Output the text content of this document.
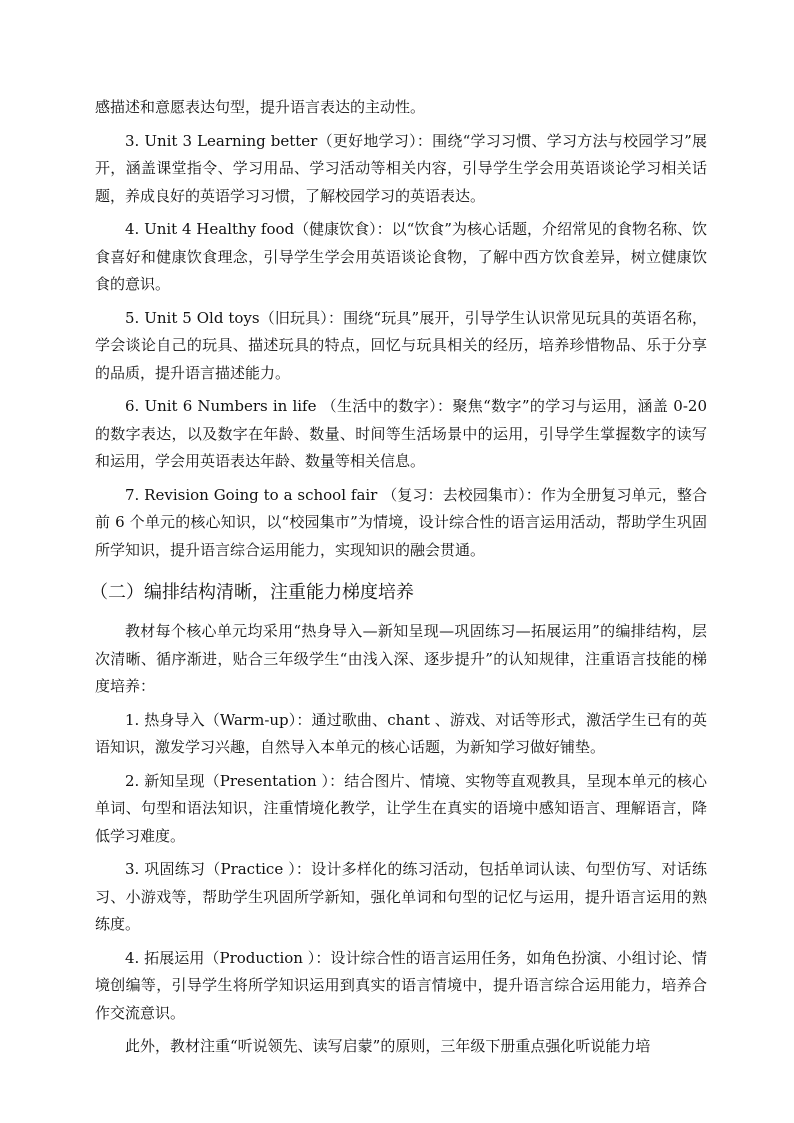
感描述和意愿表达句型，提升语言表达的主动性。

3. Unit 3 Learning better（更好地学习）：围绕“学习习惯、学习方法与校园学习”展开，涵盖课堂指令、学习用品、学习活动等相关内容，引导学生学会用英语谈论学习相关话题，养成良好的英语学习习惯，了解校园学习的英语表达。

4. Unit 4 Healthy food（健康饮食）：以“饮食”为核心话题，介绍常见的食物名称、饮食喜好和健康饮食理念，引导学生学会用英语谈论食物，了解中西方饮食差异，树立健康饮食的意识。

5. Unit 5 Old toys（旧玩具）：围绕“玩具”展开，引导学生认识常见玩具的英语名称，学会谈论自己的玩具、描述玩具的特点，回忆与玩具相关的经历，培养珍惜物品、乐于分享的品质，提升语言描述能力。

6. Unit 6 Numbers in life （生活中的数字）：聚焦“数字”的学习与运用，涵盖 0-20 的数字表达，以及数字在年龄、数量、时间等生活场景中的运用，引导学生掌握数字的读写和运用，学会用英语表达年龄、数量等相关信息。

7. Revision Going to a school fair （复习：去校园集市）：作为全册复习单元，整合前 6 个单元的核心知识，以“校园集市”为情境，设计综合性的语言运用活动，帮助学生巩固所学知识，提升语言综合运用能力，实现知识的融会贯通。

（二）编排结构清晰，注重能力梯度培养

教材每个核心单元均采用“热身导入—新知呈现—巩固练习—拓展运用”的编排结构，层次清晰、循序渐进，贴合三年级学生“由浅入深、逐步提升”的认知规律，注重语言技能的梯度培养：

1. 热身导入（Warm-up）：通过歌曲、chant 、游戏、对话等形式，激活学生已有的英语知识，激发学习兴趣，自然导入本单元的核心话题，为新知学习做好铺垫。

2. 新知呈现（Presentation ）：结合图片、情境、实物等直观教具，呈现本单元的核心单词、句型和语法知识，注重情境化教学，让学生在真实的语境中感知语言、理解语言，降低学习难度。

3. 巩固练习（Practice ）：设计多样化的练习活动，包括单词认读、句型仿写、对话练习、小游戏等，帮助学生巩固所学新知，强化单词和句型的记忆与运用，提升语言运用的熟练度。

4. 拓展运用（Production ）：设计综合性的语言运用任务，如角色扮演、小组讨论、情境创编等，引导学生将所学知识运用到真实的语言情境中，提升语言综合运用能力，培养合作交流意识。

此外，教材注重“听说领先、读写启蒙”的原则，三年级下册重点强化听说能力培
